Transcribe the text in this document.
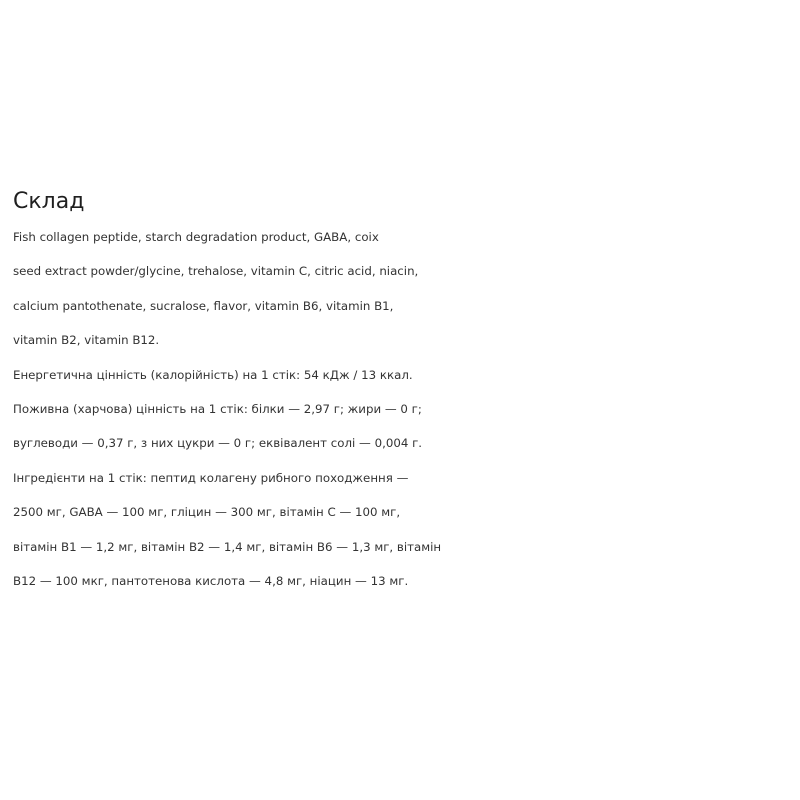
Склад

Fish collagen peptide, starch degradation product, GABA, coix

seed extract powder/glycine, trehalose, vitamin C, citric acid, niacin,

calcium pantothenate, sucralose, flavor, vitamin B6, vitamin B1,

vitamin B2, vitamin B12.

Енергетична цінність (калорійність) на 1 стік: 54 кДж / 13 ккал.

Поживна (харчова) цінність на 1 стік: білки — 2,97 г; жири — 0 г;

вуглеводи — 0,37 г, з них цукри — 0 г; еквівалент солі — 0,004 г.

Інгредієнти на 1 стік: пептид колагену рибного походження —

2500 мг, GABA — 100 мг, гліцин — 300 мг, вітамін С — 100 мг,

вітамін В1 — 1,2 мг, вітамін В2 — 1,4 мг, вітамін В6 — 1,3 мг, вітамін

В12 — 100 мкг, пантотенова кислота — 4,8 мг, ніацин — 13 мг.
